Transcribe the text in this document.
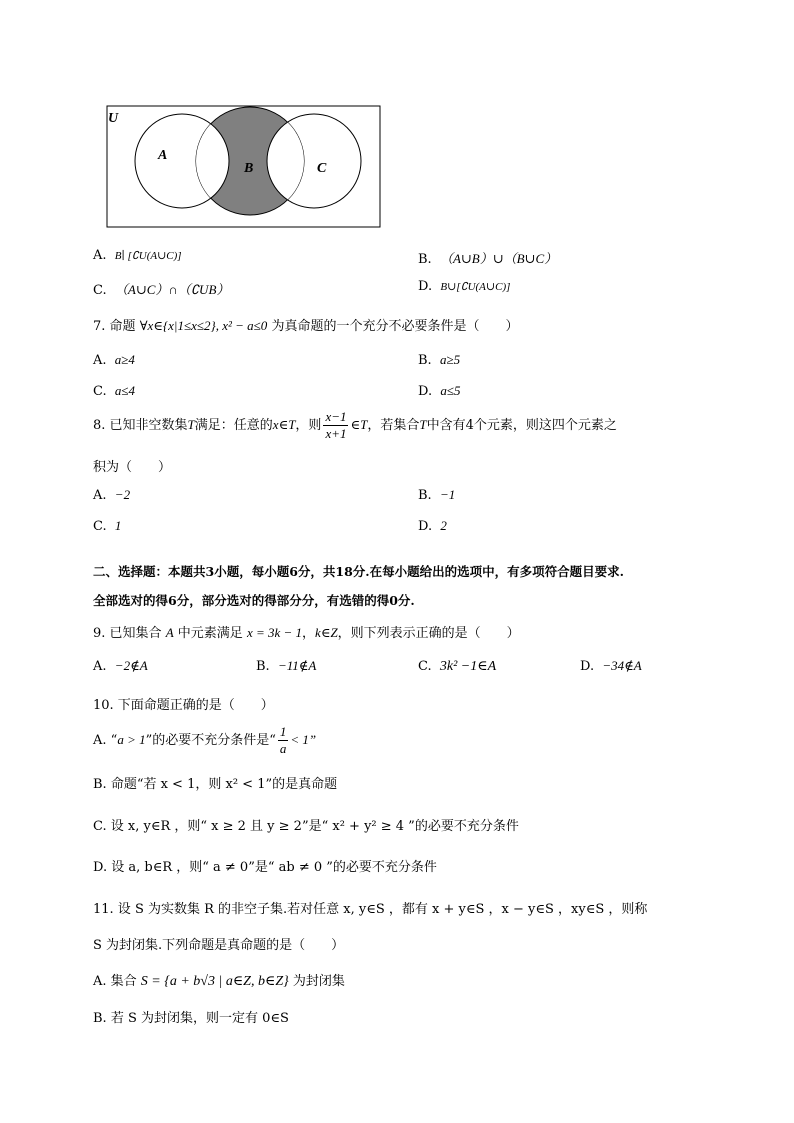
U
A
B	C
A. B∣ [∁U(A∪C)]	B. （A∪B）∪（B∪C）
C. （A∪C）∩（∁UB）	D. B∪[∁U(A∪C)]
7. 命题 ∀x∈{x|1≤x≤2}, x² − a≤0 为真命题的一个充分不必要条件是（　　）
A. a≥4	B. a≥5
C. a≤4	D. a≤5
8. 已知非空数集T满足：任意的x∈T，则 $\frac{x-1}{x+1}$ ∈T，若集合T中含有4个元素，则这四个元素之
积为（　　）
A. −2	B. −1
C. 1	D. 2
二、选择题：本题共3小题，每小题6分，共18分.在每小题给出的选项中，有多项符合题目要求.
全部选对的得6分，部分选对的得部分分，有选错的得0分.
9. 已知集合 A 中元素满足 x = 3k − 1，k∈Z，则下列表示正确的是（　　）
A. −2∉A	B. −11∉A	C. 3k² −1∈A	D. −34∉A
10. 下面命题正确的是（　　）
A. “a > 1”的必要不充分条件是“ $\frac{1}{a} < 1$”
B. 命题“若 x < 1，则 x² < 1”的是真命题
C. 设 x, y∈R ，则“ x ≥ 2 且 y ≥ 2”是“ x² + y² ≥ 4 ”的必要不充分条件
D. 设 a, b∈R ，则“ a ≠ 0”是“ ab ≠ 0 ”的必要不充分条件
11. 设 S 为实数集 R 的非空子集.若对任意 x, y∈S ，都有 x + y∈S ，x − y∈S ，xy∈S ，则称
S 为封闭集.下列命题是真命题的是（　　）
A. 集合 S = {a + b√3 | a∈Z, b∈Z} 为封闭集
B. 若 S 为封闭集，则一定有 0∈S
